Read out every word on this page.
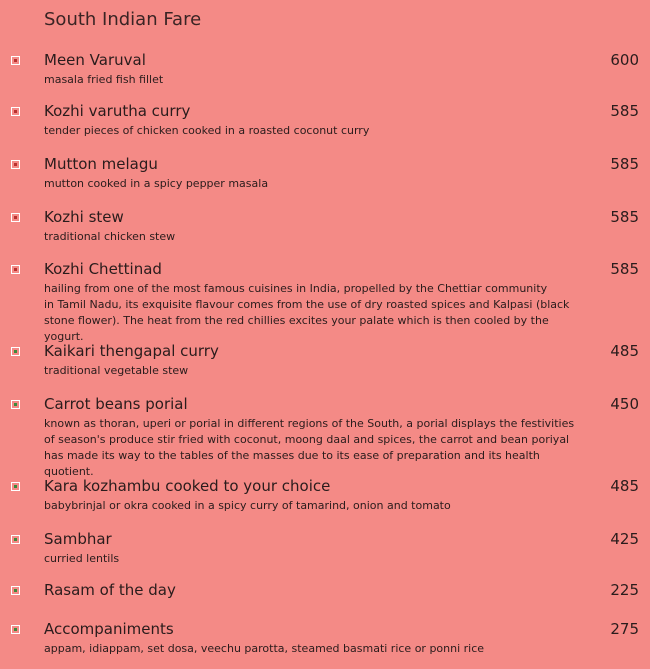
South Indian Fare
Meen Varuval	600
masala fried fish fillet
Kozhi varutha curry	585
tender pieces of chicken cooked in a roasted coconut curry
Mutton melagu	585
mutton cooked in a spicy pepper masala
Kozhi stew	585
traditional chicken stew
Kozhi Chettinad	585
hailing from one of the most famous cuisines in India, propelled by the Chettiar community
in Tamil Nadu, its exquisite flavour comes from the use of dry roasted spices and Kalpasi (black
stone flower). The heat from the red chillies excites your palate which is then cooled by the yogurt.
Kaikari thengapal curry	485
traditional vegetable stew
Carrot beans porial	450
known as thoran, uperi or porial in different regions of the South, a porial displays the festivities
of season's produce stir fried with coconut, moong daal and spices, the carrot and bean poriyal
has made its way to the tables of the masses due to its ease of preparation and its health quotient.
Kara kozhambu cooked to your choice	485
babybrinjal or okra cooked in a spicy curry of tamarind, onion and tomato
Sambhar	425
curried lentils
Rasam of the day	225
Accompaniments	275
appam, idiappam, set dosa, veechu parotta, steamed basmati rice or ponni rice
